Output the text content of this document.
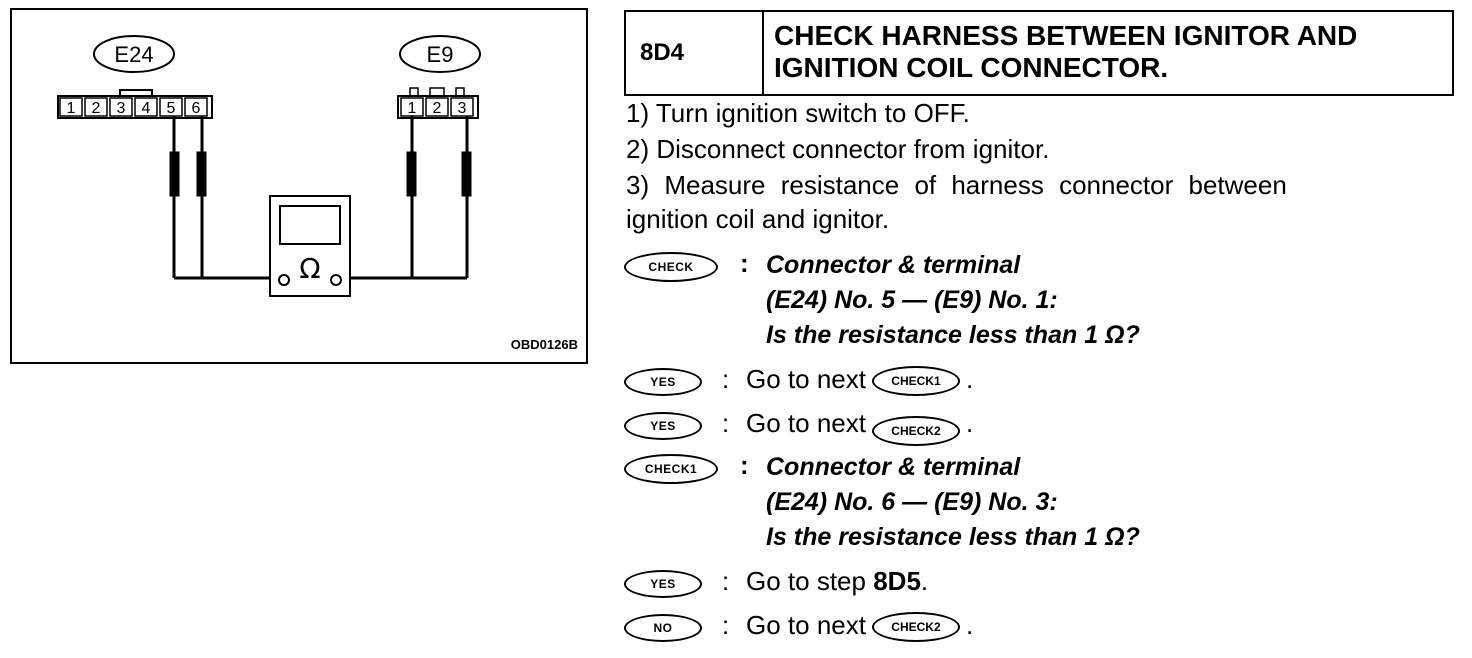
E24	E9
1 2 3 4 5 6	1 2 3
Ω
OBD0126B
8D4
CHECK HARNESS BETWEEN IGNITOR AND
IGNITION COIL CONNECTOR.
1) Turn ignition switch to OFF.
2) Disconnect connector from ignitor.
3) Measure resistance of harness connector between
ignition coil and ignitor.
CHECK	: Connector & terminal
(E24) No. 5 — (E9) No. 1:
Is the resistance less than 1 Ω?
YES	: Go to next CHECK1 .
YES	: Go to next CHECK2 .
CHECK1	: Connector & terminal
(E24) No. 6 — (E9) No. 3:
Is the resistance less than 1 Ω?
YES	: Go to step 8D5.
NO	: Go to next CHECK2 .
